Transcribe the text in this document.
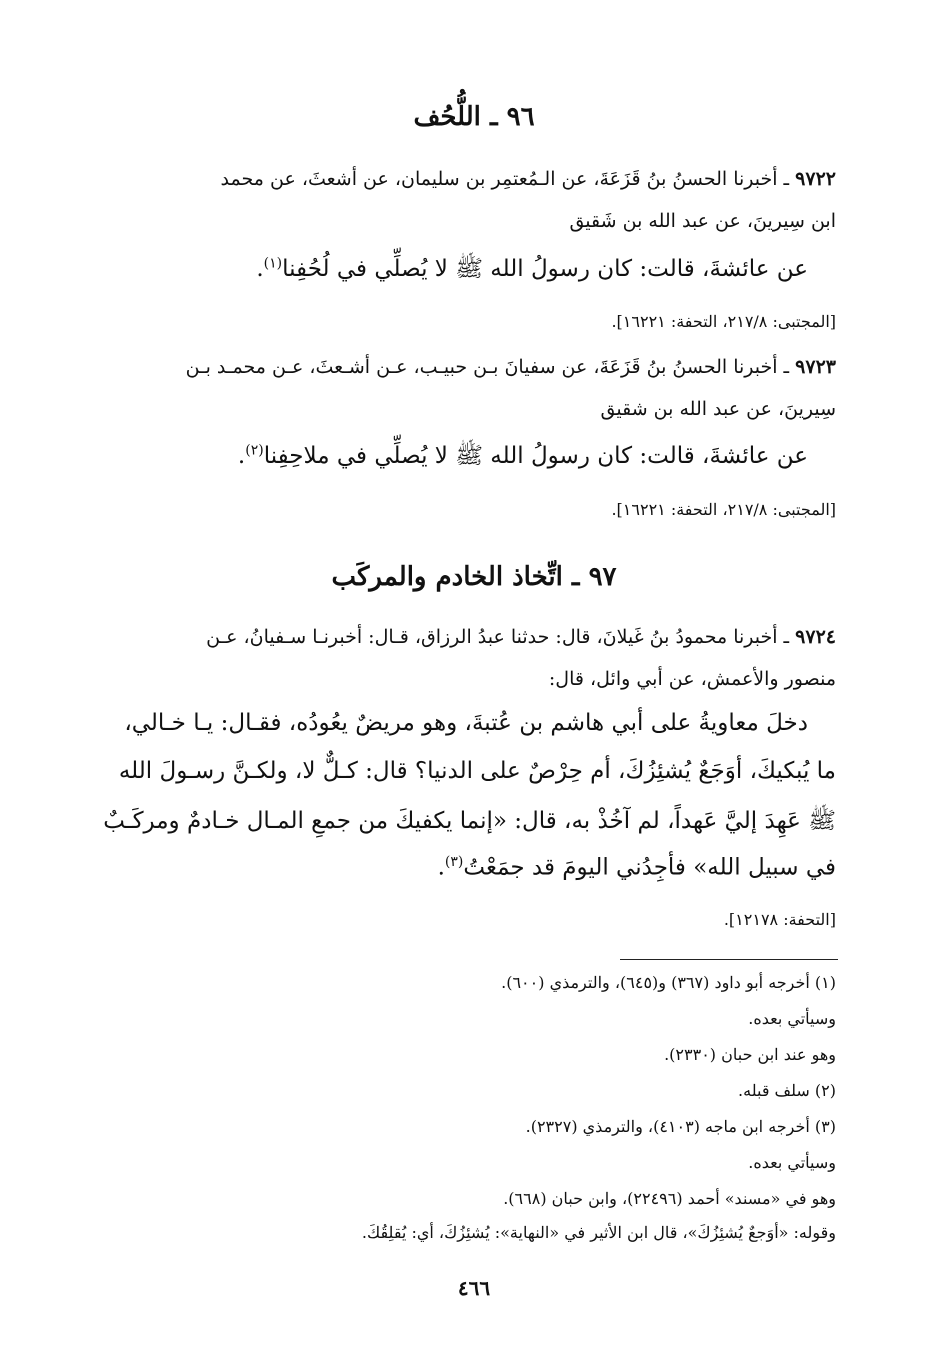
٩٦ ـ اللُّحُف
٩٧٢٢ ـ أخبرنا الحسنُ بنُ قَزَعَةَ، عن الـمُعتمِر بن سليمان، عن أشعثَ، عن محمد
ابن سِيرينَ، عن عبد الله بن شَقيق
عن عائشةَ، قالت: كان رسولُ الله ﷺ لا يُصلِّي في لُحُفِنا$^{(١)}$.
[المجتبى: ٢١٧/٨، التحفة: ١٦٢٢١].
٩٧٢٣ ـ أخبرنا الحسنُ بنُ قَزَعَةَ، عن سفيانَ بـن حبيـب، عـن أشـعثَ، عـن محمـد بـن
سِيرينَ، عن عبد الله بن شقيق
عن عائشةَ، قالت: كان رسولُ الله ﷺ لا يُصلِّي في ملاحِفِنا$^{(٢)}$.
[المجتبى: ٢١٧/٨، التحفة: ١٦٢٢١].
٩٧ ـ اتِّخاذ الخادم والمركَب
٩٧٢٤ ـ أخبرنا محمودُ بنُ غَيلانَ، قال: حدثنا عبدُ الرزاق، قـال: أخبرنـا سـفيانُ، عـن
منصور والأعمش، عن أبي وائل، قال:
دخلَ معاويةُ على أبي هاشم بن عُتبةَ، وهو مريضٌ يعُودُه، فقـال: يـا خـالي،
ما يُبكيكَ، أوَجَعٌ يُشئِزُكَ، أم حِرْصٌ على الدنيا؟ قال: كـلٌّ لا، ولكـنَّ رسـولَ الله
ﷺ عَهِدَ إليَّ عَهداً، لم آخُذْ به، قال: «إنما يكفيكَ من جمعِ المـال خـادمٌ ومركَـبٌ
في سبيل الله» فأجِدُني اليومَ قد جمَعْتُ$^{(٣)}$.
[التحفة: ١٢١٧٨].
(١) أخرجه أبو داود (٣٦٧) و(٦٤٥)، والترمذي (٦٠٠).
وسيأتي بعده.
وهو عند ابن حبان (٢٣٣٠).
(٢) سلف قبله.
(٣) أخرجه ابن ماجه (٤١٠٣)، والترمذي (٢٣٢٧).
وسيأتي بعده.
وهو في «مسند» أحمد (٢٢٤٩٦)، وابن حبان (٦٦٨).
وقوله: «أوَجعٌ يُشئِزُكَ»، قال ابن الأثير في «النهاية»: يُشئِزُكَ، أي: يُقلِقُكَ.
٤٦٦
